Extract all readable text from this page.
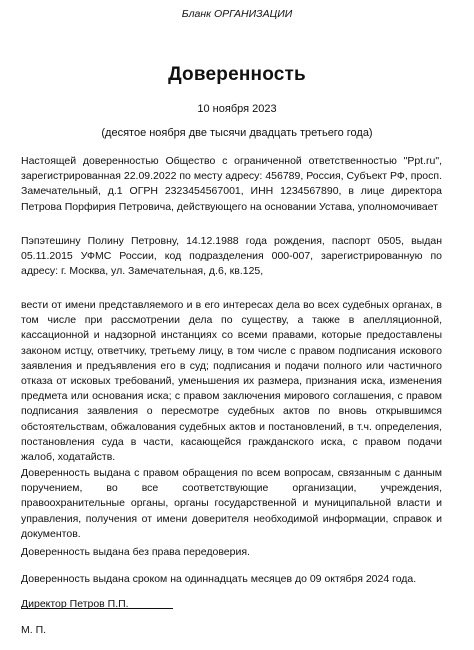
Бланк ОРГАНИЗАЦИИ
Доверенность
10 ноября 2023
(десятое ноября две тысячи двадцать третьего года)

Настоящей доверенностью Общество с ограниченной ответственностью "Ppt.ru", зарегистрированная 22.09.2022 по месту адресу: 456789, Россия, Субъект РФ, просп. Замечательный, д.1 ОГРН 2323454567001, ИНН 1234567890, в лице директора Петрова Порфирия Петровича, действующего на основании Устава, уполномочивает

Пэпэтешину Полину Петровну, 14.12.1988 года рождения, паспорт 0505, выдан 05.11.2015 УФМС России, код подразделения 000-007, зарегистрированную по адресу: г. Москва, ул. Замечательная, д.6, кв.125,

вести от имени представляемого и в его интересах дела во всех судебных органах, в том числе при рассмотрении дела по существу, а также в апелляционной, кассационной и надзорной инстанциях со всеми правами, которые предоставлены законом истцу, ответчику, третьему лицу, в том числе с правом подписания искового заявления и предъявления его в суд; подписания и подачи полного или частичного отказа от исковых требований, уменьшения их размера, признания иска, изменения предмета или основания иска; с правом заключения мирового соглашения, с правом подписания заявления о пересмотре судебных актов по вновь открывшимся обстоятельствам, обжалования судебных актов и постановлений, в т.ч. определения, постановления суда в части, касающейся гражданского иска, с правом подачи жалоб, ходатайств.

Доверенность выдана с правом обращения по всем вопросам, связанным с данным поручением, во все соответствующие организации, учреждения, правоохранительные органы, органы государственной и муниципальной власти и управления, получения от имени доверителя необходимой информации, справок и документов.

Доверенность выдана без права передоверия.

Доверенность выдана сроком на одиннадцать месяцев до 09 октября 2024 года.

Директор Петров П.П.
М. П.
